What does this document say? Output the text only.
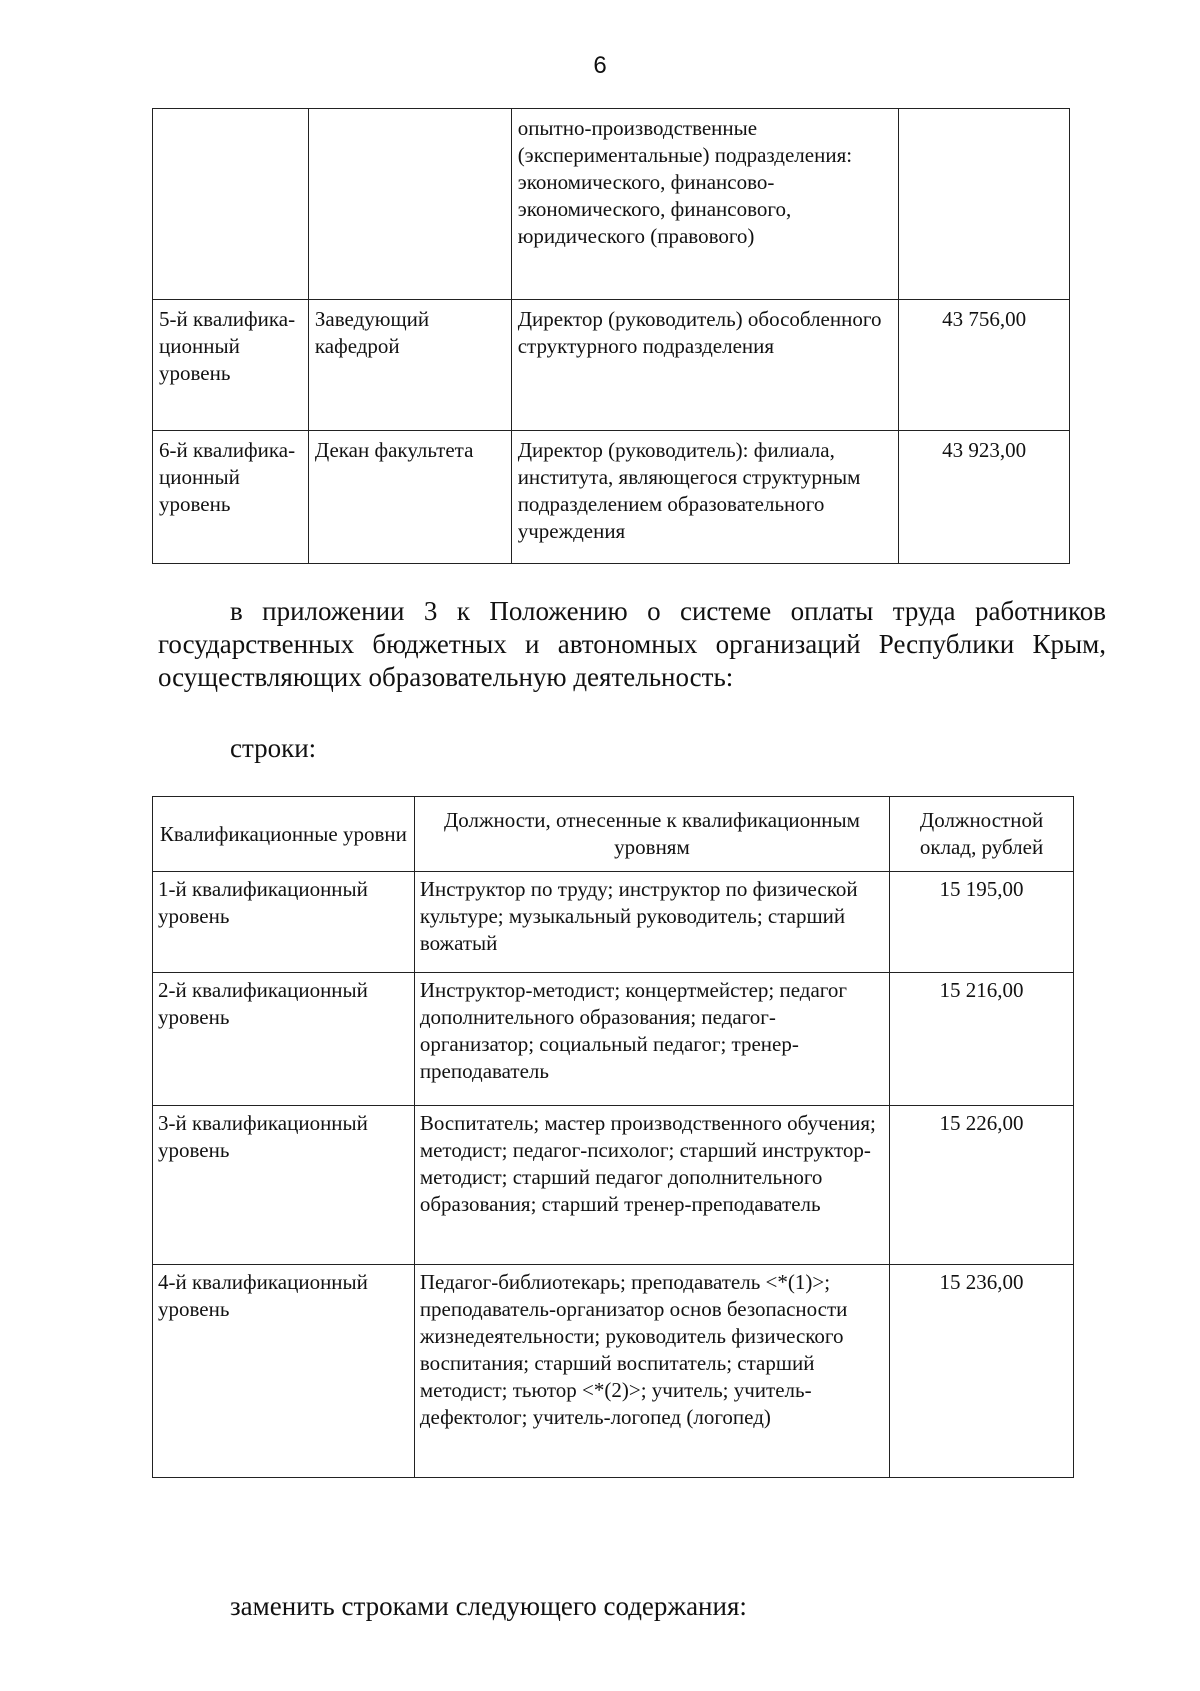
6
		опытно-производственные (экспериментальные) подразделения: экономического, финансово-экономического, финансового, юридического (правового)	
5-й квалифика-ционный уровень	Заведующий кафедрой	Директор (руководитель) обособленного структурного подразделения	43 756,00
6-й квалифика-ционный уровень	Декан факультета	Директор (руководитель): филиала, института, являющегося структурным подразделением образовательного учреждения	43 923,00

в приложении 3 к Положению о системе оплаты труда работников государственных бюджетных и автономных организаций Республики Крым, осуществляющих образовательную деятельность:

строки:

Квалификационные уровни	Должности, отнесенные к квалификационным уровням	Должностной оклад, рублей
1-й квалификационный уровень	Инструктор по труду; инструктор по физической культуре; музыкальный руководитель; старший вожатый	15 195,00
2-й квалификационный уровень	Инструктор-методист; концертмейстер; педагог дополнительного образования; педагог-организатор; социальный педагог; тренер-преподаватель	15 216,00
3-й квалификационный уровень	Воспитатель; мастер производственного обучения; методист; педагог-психолог; старший инструктор-методист; старший педагог дополнительного образования; старший тренер-преподаватель	15 226,00
4-й квалификационный уровень	Педагог-библиотекарь; преподаватель <*(1)>; преподаватель-организатор основ безопасности жизнедеятельности; руководитель физического воспитания; старший воспитатель; старший методист; тьютор <*(2)>; учитель; учитель-дефектолог; учитель-логопед (логопед)	15 236,00

заменить строками следующего содержания:
